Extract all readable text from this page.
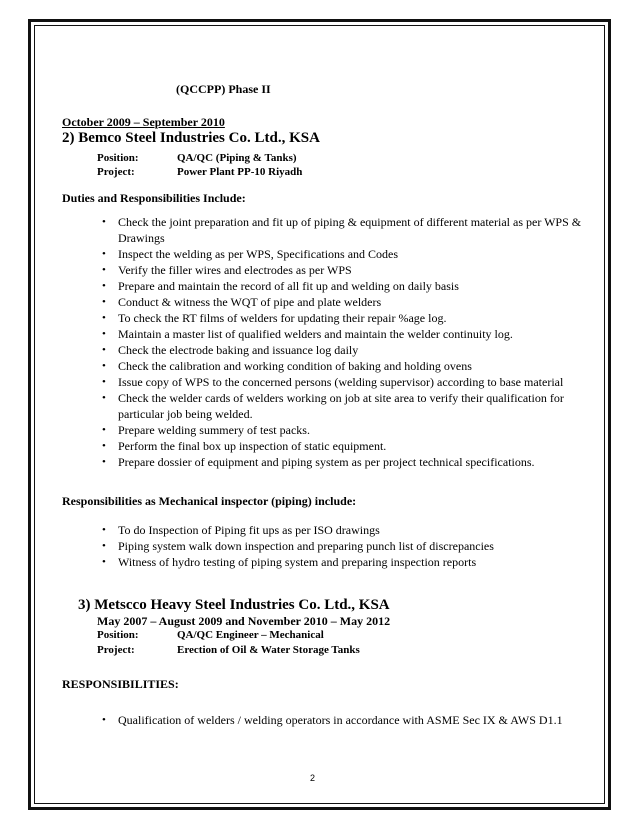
(QCCPP) Phase II
October 2009 – September 2010
2) Bemco Steel Industries Co. Ltd., KSA
Position:	QA/QC (Piping & Tanks)
Project:	Power Plant PP-10 Riyadh
Duties and Responsibilities Include:
• Check the joint preparation and fit up of piping & equipment of different material as per WPS & Drawings
• Inspect the welding as per WPS, Specifications and Codes
• Verify the filler wires and electrodes as per WPS
• Prepare and maintain the record of all fit up and welding on daily basis
• Conduct & witness the WQT of pipe and plate welders
• To check the RT films of welders for updating their repair %age log.
• Maintain a master list of qualified welders and maintain the welder continuity log.
• Check the electrode baking and issuance log daily
• Check the calibration and working condition of baking and holding ovens
• Issue copy of WPS to the concerned persons (welding supervisor) according to base material
• Check the welder cards of welders working on job at site area to verify their qualification for particular job being welded.
• Prepare welding summery of test packs.
• Perform the final box up inspection of static equipment.
• Prepare dossier of equipment and piping system as per project technical specifications.
Responsibilities as Mechanical inspector (piping) include:
• To do Inspection of Piping fit ups as per ISO drawings
• Piping system walk down inspection and preparing punch list of discrepancies
• Witness of hydro testing of piping system and preparing inspection reports
3) Metscco Heavy Steel Industries Co. Ltd., KSA
May 2007 – August 2009 and November 2010 – May 2012
Position:	QA/QC Engineer – Mechanical
Project:	Erection of Oil & Water Storage Tanks
RESPONSIBILITIES:
• Qualification of welders / welding operators in accordance with ASME Sec IX & AWS D1.1
2
